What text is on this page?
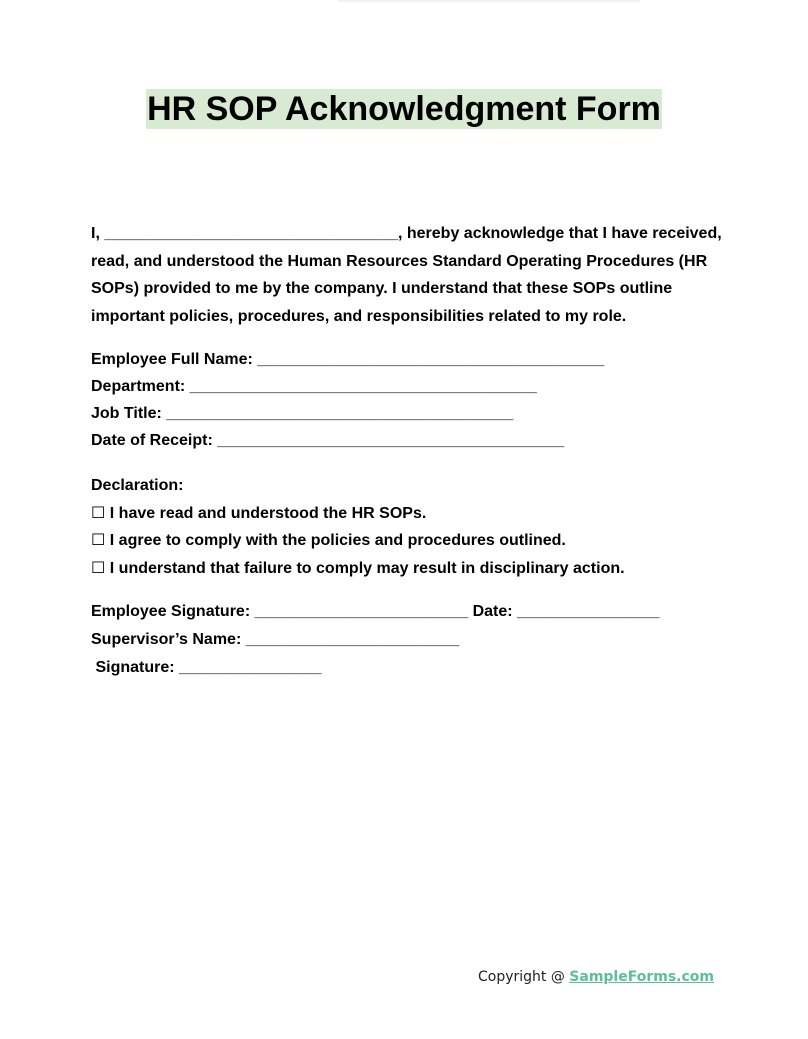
HR SOP Acknowledgment Form

I, _________________________________, hereby acknowledge that I have received, read, and understood the Human Resources Standard Operating Procedures (HR SOPs) provided to me by the company. I understand that these SOPs outline important policies, procedures, and responsibilities related to my role.

Employee Full Name: _______________________________________
Department: _______________________________________
Job Title: _______________________________________
Date of Receipt: _______________________________________
Declaration:
☐ I have read and understood the HR SOPs.
☐ I agree to comply with the policies and procedures outlined.
☐ I understand that failure to comply may result in disciplinary action.
Employee Signature: ________________________ Date: ________________
Supervisor’s Name: ________________________
Signature: ________________
Copyright @ SampleForms.com
